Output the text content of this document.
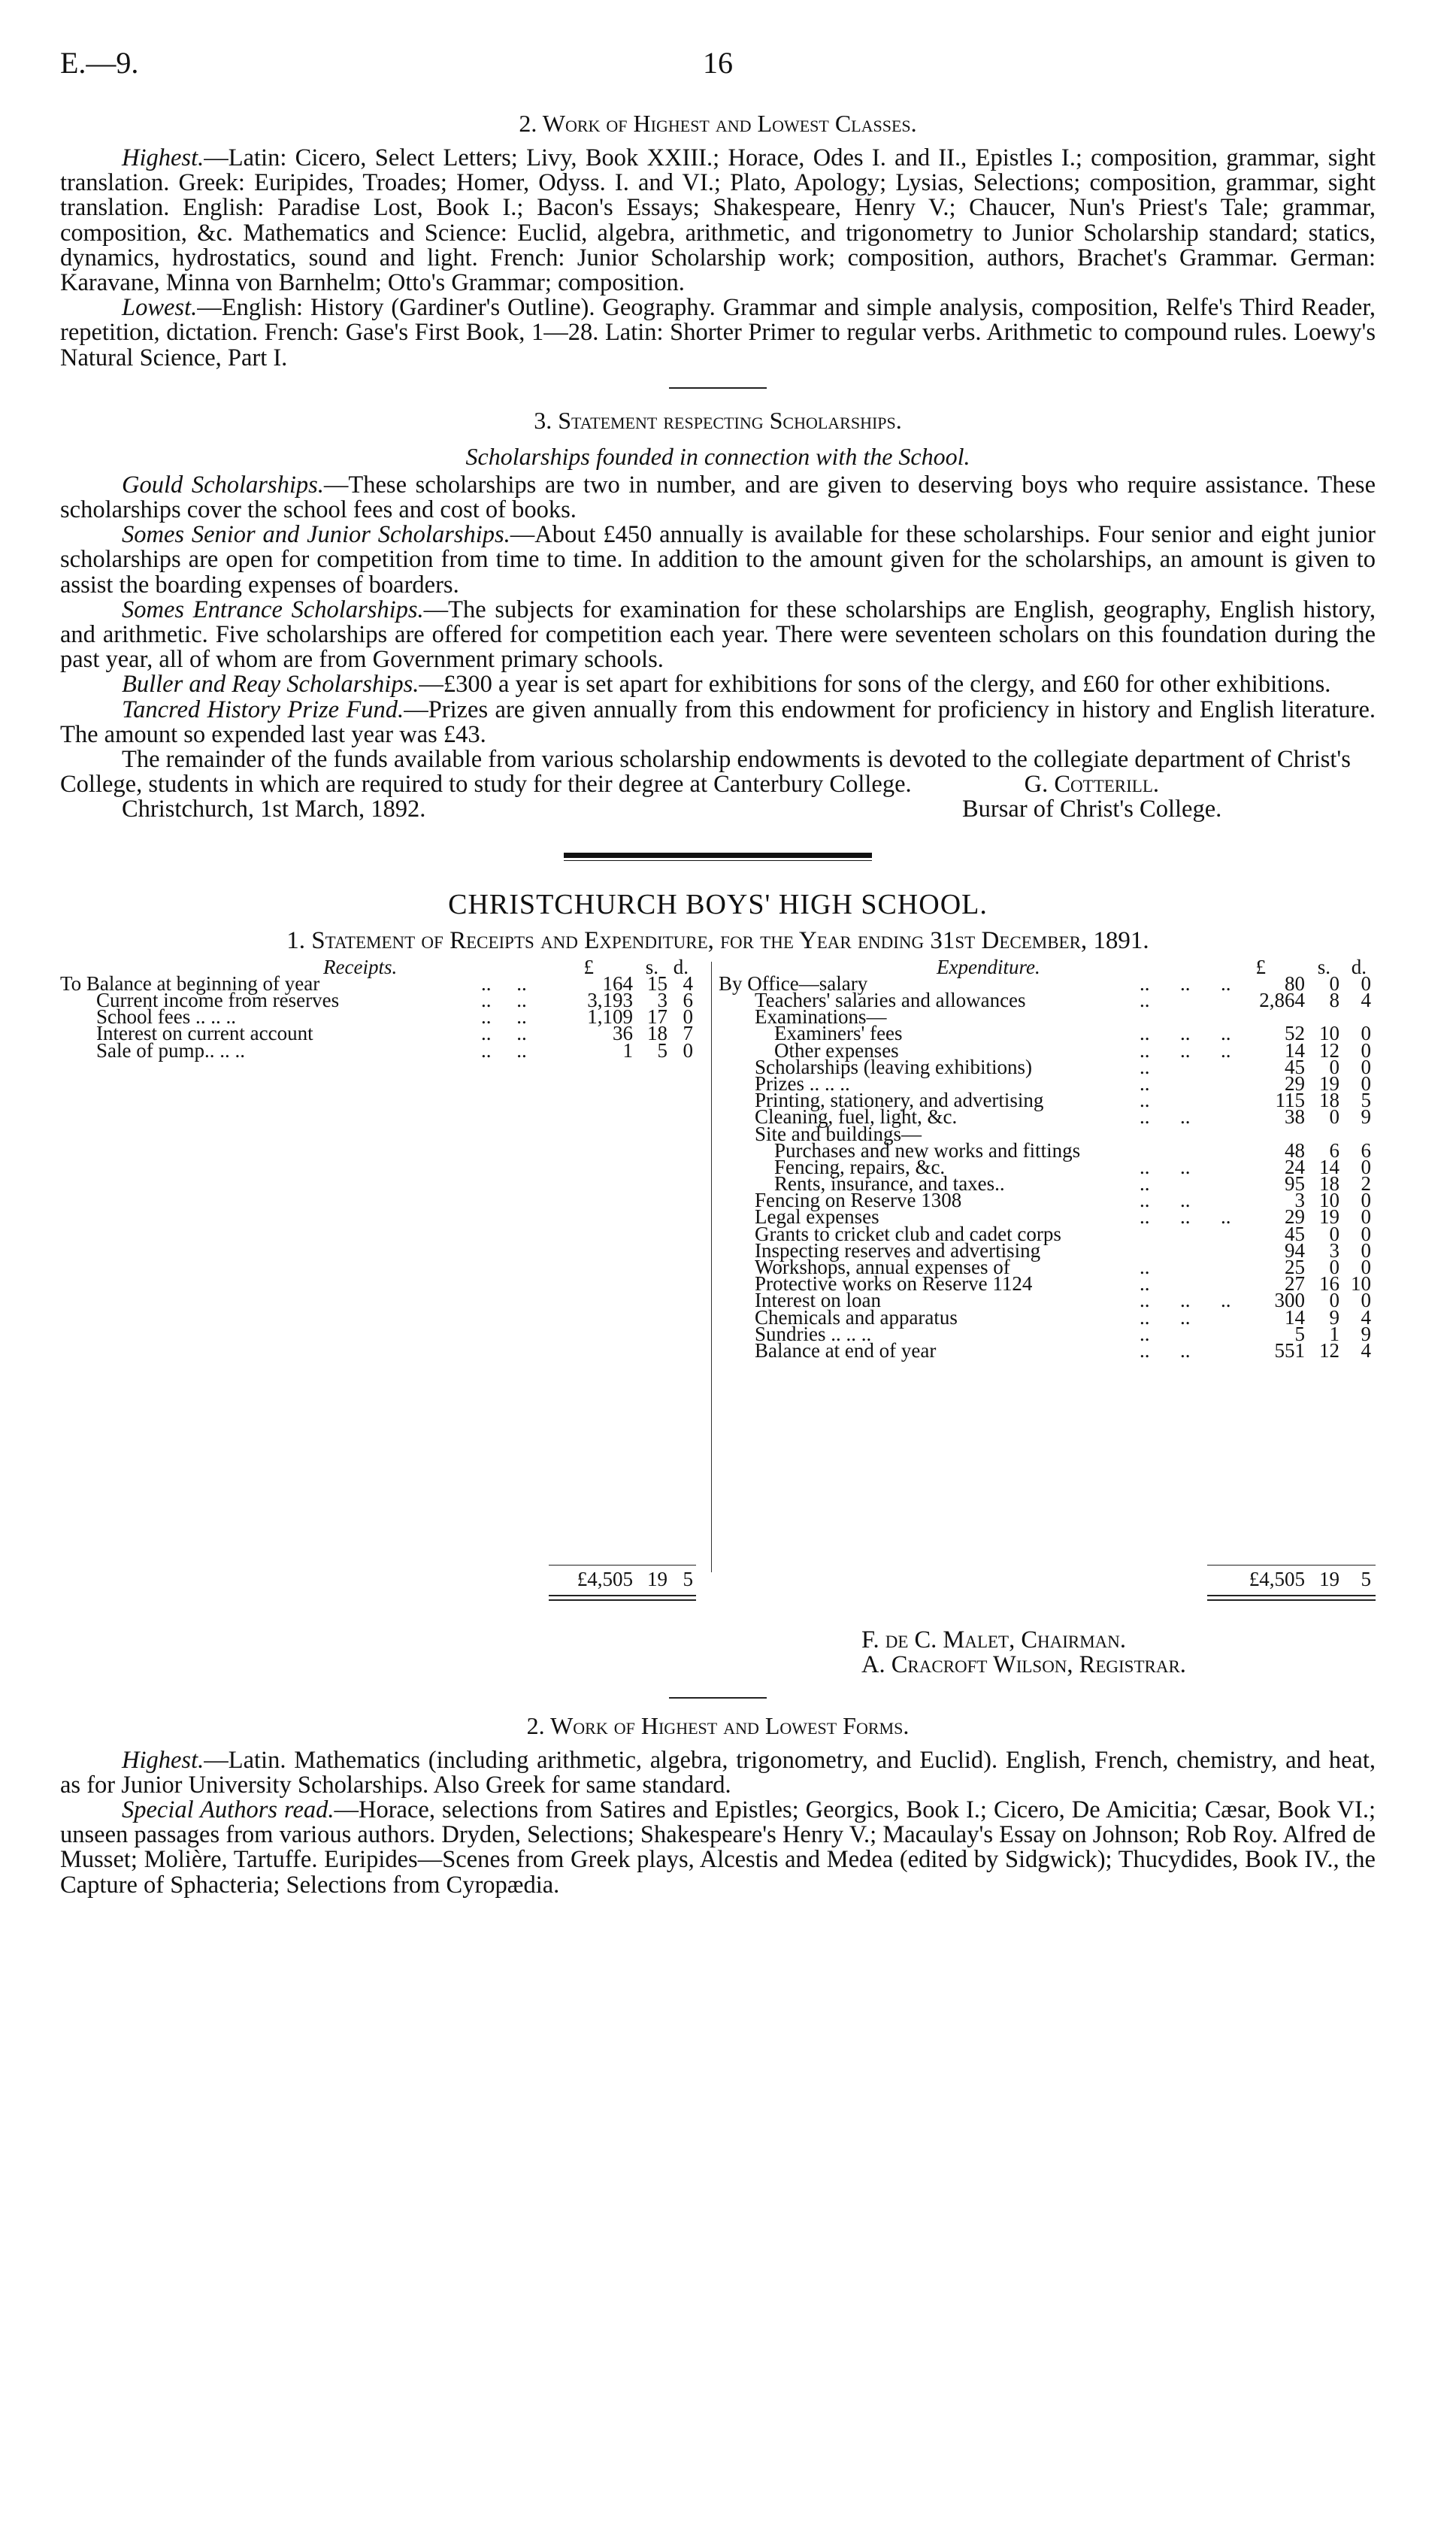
E.—9.	16
2. Work of Highest and Lowest Classes.

Highest.—Latin: Cicero, Select Letters; Livy, Book XXIII.; Horace, Odes I. and II., Epistles I.; composition, grammar, sight translation. Greek: Euripides, Troades; Homer, Odyss. I. and VI.; Plato, Apology; Lysias, Selections; composition, grammar, sight translation. English: Paradise Lost, Book I.; Bacon's Essays; Shakespeare, Henry V.; Chaucer, Nun's Priest's Tale; grammar, composition, &c. Mathematics and Science: Euclid, algebra, arithmetic, and trigonometry to Junior Scholarship standard; statics, dynamics, hydrostatics, sound and light. French: Junior Scholarship work; composition, authors, Brachet's Grammar. German: Karavane, Minna von Barnhelm; Otto's Grammar; composition.

Lowest.—English: History (Gardiner's Outline). Geography. Grammar and simple analysis, composition, Relfe's Third Reader, repetition, dictation. French: Gase's First Book, 1—28. Latin: Shorter Primer to regular verbs. Arithmetic to compound rules. Loewy's Natural Science, Part I.

3. Statement respecting Scholarships.
Scholarships founded in connection with the School.

Gould Scholarships.—These scholarships are two in number, and are given to deserving boys who require assistance. These scholarships cover the school fees and cost of books.

Somes Senior and Junior Scholarships.—About £450 annually is available for these scholarships. Four senior and eight junior scholarships are open for competition from time to time. In addition to the amount given for the scholarships, an amount is given to assist the boarding expenses of boarders.

Somes Entrance Scholarships.—The subjects for examination for these scholarships are English, geography, English history, and arithmetic. Five scholarships are offered for competition each year. There were seventeen scholars on this foundation during the past year, all of whom are from Government primary schools.

Buller and Reay Scholarships.—£300 a year is set apart for exhibitions for sons of the clergy, and £60 for other exhibitions.

Tancred History Prize Fund.—Prizes are given annually from this endowment for proficiency in history and English literature. The amount so expended last year was £43.

The remainder of the funds available from various scholarship endowments is devoted to the collegiate department of Christ's College, students in which are required to study for their degree at Canterbury College.	G. Cotterill.

Christchurch, 1st March, 1892.	Bursar of Christ's College.
CHRISTCHURCH BOYS' HIGH SCHOOL.
1. Statement of Receipts and Expenditure, for the Year ending 31st December, 1891.
Receipts.	£	s. d.
To Balance at beginning of year	..     ..	164 15 4
Current income from reserves	..     ..	3,193 3 6
School fees .. .. ..	..     ..	1,109 17 0
Interest on current account	..     ..	36 18 7
Sale of pump.. .. ..	..     ..	1 5 0
£4,505 19 5
Expenditure.	£	s. d.
By Office—salary	..      ..      ..	80 0 0
Teachers' salaries and allowances	..	2,864 8 4
Examinations—
Examiners' fees	..      ..      ..	52 10 0
Other expenses	..      ..      ..	14 12 0
Scholarships (leaving exhibitions)	..	45 0 0
Prizes .. .. ..	..	29 19 0
Printing, stationery, and advertising	..	115 18 5
Cleaning, fuel, light, &c.	..      ..	38 0 9
Site and buildings—
Purchases and new works and fittings	48 6 6
Fencing, repairs, &c.	..      ..	24 14 0
Rents, insurance, and taxes..	..	95 18 2
Fencing on Reserve 1308	..      ..	3 10 0
Legal expenses	..      ..      ..	29 19 0
Grants to cricket club and cadet corps	45 0 0
Inspecting reserves and advertising	94 3 0
Workshops, annual expenses of	..	25 0 0
Protective works on Reserve 1124	..	27 16 10
Interest on loan	..      ..      .. 300 0 0
Chemicals and apparatus	..      ..	14 9 4
Sundries .. .. ..	..	5 1 9
Balance at end of year	..      ..	551 12 4
£4,505 19 5
F. de C. Malet, Chairman.
A. Cracroft Wilson, Registrar.
2. Work of Highest and Lowest Forms.

Highest.—Latin. Mathematics (including arithmetic, algebra, trigonometry, and Euclid). English, French, chemistry, and heat, as for Junior University Scholarships. Also Greek for same standard.

Special Authors read.—Horace, selections from Satires and Epistles; Georgics, Book I.; Cicero, De Amicitia; Cæsar, Book VI.; unseen passages from various authors. Dryden, Selections; Shakespeare's Henry V.; Macaulay's Essay on Johnson; Rob Roy. Alfred de Musset; Molière, Tartuffe. Euripides—Scenes from Greek plays, Alcestis and Medea (edited by Sidgwick); Thucydides, Book IV., the Capture of Sphacteria; Selections from Cyropædia.
